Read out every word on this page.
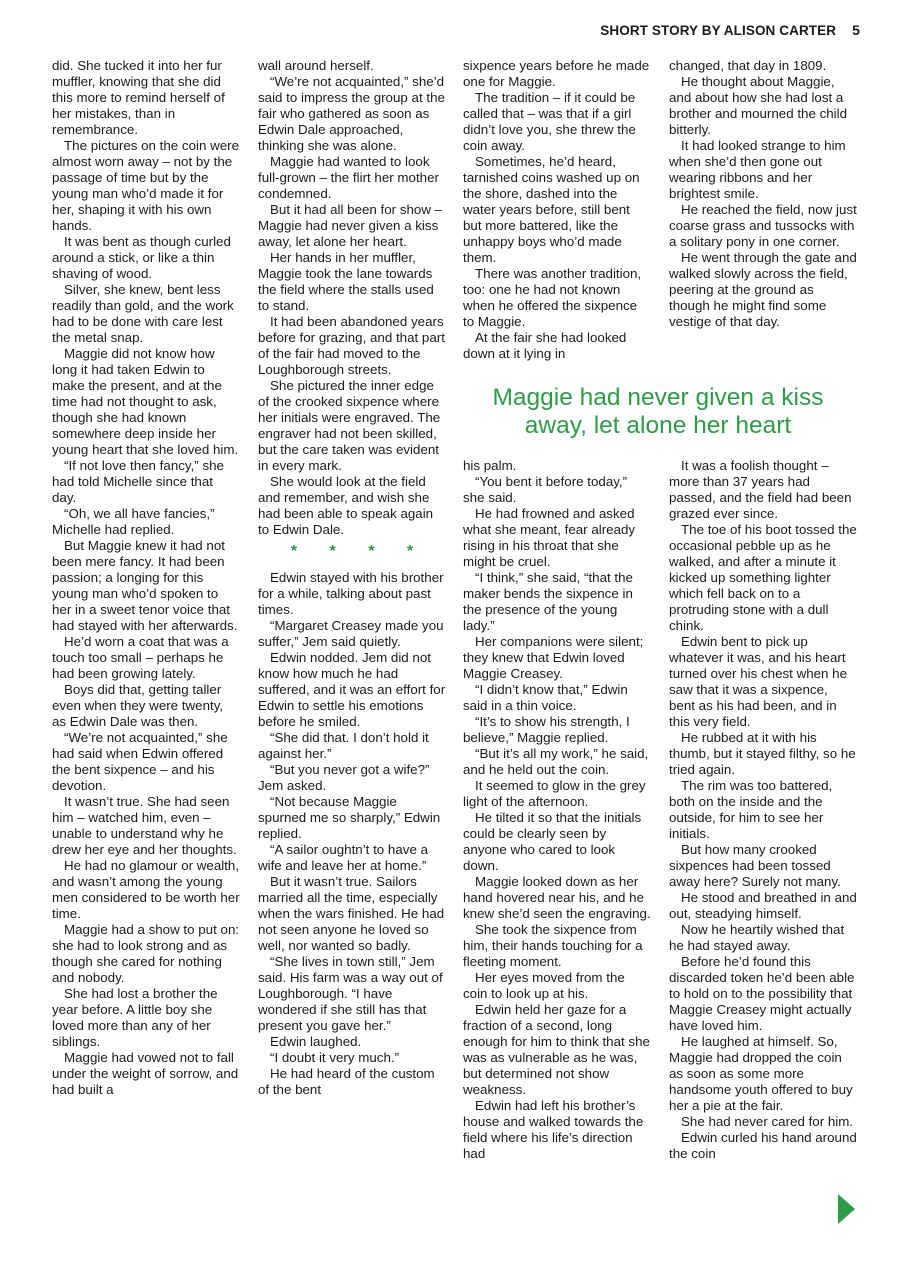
SHORT STORY BY ALISON CARTER 5

did. She tucked it into her fur muffler, knowing that she did this more to remind herself of her mistakes, than in remembrance.

The pictures on the coin were almost worn away – not by the passage of time but by the young man who’d made it for her, shaping it with his own hands.

It was bent as though curled around a stick, or like a thin shaving of wood.

Silver, she knew, bent less readily than gold, and the work had to be done with care lest the metal snap.

Maggie did not know how long it had taken Edwin to make the present, and at the time had not thought to ask, though she had known somewhere deep inside her young heart that she loved him.

“If not love then fancy,” she had told Michelle since that day.

“Oh, we all have fancies,” Michelle had replied.

But Maggie knew it had not been mere fancy. It had been passion; a longing for this young man who’d spoken to her in a sweet tenor voice that had stayed with her afterwards.

He’d worn a coat that was a touch too small – perhaps he had been growing lately.

Boys did that, getting taller even when they were twenty, as Edwin Dale was then.

“We’re not acquainted,” she had said when Edwin offered the bent sixpence – and his devotion.

It wasn’t true. She had seen him – watched him, even – unable to understand why he drew her eye and her thoughts.

He had no glamour or wealth, and wasn’t among the young men considered to be worth her time.

Maggie had a show to put on: she had to look strong and as though she cared for nothing and nobody.

She had lost a brother the year before. A little boy she loved more than any of her siblings.

Maggie had vowed not to fall under the weight of sorrow, and had built a

wall around herself.

“We’re not acquainted,” she’d said to impress the group at the fair who gathered as soon as Edwin Dale approached, thinking she was alone.

Maggie had wanted to look full-grown – the flirt her mother condemned.

But it had all been for show – Maggie had never given a kiss away, let alone her heart.

Her hands in her muffler, Maggie took the lane towards the field where the stalls used to stand.

It had been abandoned years before for grazing, and that part of the fair had moved to the Loughborough streets.

She pictured the inner edge of the crooked sixpence where her initials were engraved. The engraver had not been skilled, but the care taken was evident in every mark.

She would look at the field and remember, and wish she had been able to speak again to Edwin Dale.

* * * *

Edwin stayed with his brother for a while, talking about past times.

“Margaret Creasey made you suffer,” Jem said quietly.

Edwin nodded. Jem did not know how much he had suffered, and it was an effort for Edwin to settle his emotions before he smiled.

“She did that. I don’t hold it against her.”

“But you never got a wife?” Jem asked.

“Not because Maggie spurned me so sharply,” Edwin replied.

“A sailor oughtn’t to have a wife and leave her at home.”

But it wasn’t true. Sailors married all the time, especially when the wars finished. He had not seen anyone he loved so well, nor wanted so badly.

“She lives in town still,” Jem said. His farm was a way out of Loughborough. “I have wondered if she still has that present you gave her.”

Edwin laughed.

“I doubt it very much.”

He had heard of the custom of the bent

sixpence years before he made one for Maggie.

The tradition – if it could be called that – was that if a girl didn’t love you, she threw the coin away.

Sometimes, he’d heard, tarnished coins washed up on the shore, dashed into the water years before, still bent but more battered, like the unhappy boys who’d made them.

There was another tradition, too: one he had not known when he offered the sixpence to Maggie.

At the fair she had looked down at it lying in

changed, that day in 1809.

He thought about Maggie, and about how she had lost a brother and mourned the child bitterly.

It had looked strange to him when she’d then gone out wearing ribbons and her brightest smile.

He reached the field, now just coarse grass and tussocks with a solitary pony in one corner.

He went through the gate and walked slowly across the field, peering at the ground as though he might find some vestige of that day.

Maggie had never given a kiss away, let alone her heart

his palm.

“You bent it before today,” she said.

He had frowned and asked what she meant, fear already rising in his throat that she might be cruel.

“I think,” she said, “that the maker bends the sixpence in the presence of the young lady.”

Her companions were silent; they knew that Edwin loved Maggie Creasey.

“I didn’t know that,” Edwin said in a thin voice.

“It’s to show his strength, I believe,” Maggie replied.

“But it’s all my work,” he said, and he held out the coin.

It seemed to glow in the grey light of the afternoon.

He tilted it so that the initials could be clearly seen by anyone who cared to look down.

Maggie looked down as her hand hovered near his, and he knew she’d seen the engraving.

She took the sixpence from him, their hands touching for a fleeting moment.

Her eyes moved from the coin to look up at his.

Edwin held her gaze for a fraction of a second, long enough for him to think that she was as vulnerable as he was, but determined not show weakness.

Edwin had left his brother’s house and walked towards the field where his life’s direction had

It was a foolish thought – more than 37 years had passed, and the field had been grazed ever since.

The toe of his boot tossed the occasional pebble up as he walked, and after a minute it kicked up something lighter which fell back on to a protruding stone with a dull chink.

Edwin bent to pick up whatever it was, and his heart turned over his chest when he saw that it was a sixpence, bent as his had been, and in this very field.

He rubbed at it with his thumb, but it stayed filthy, so he tried again.

The rim was too battered, both on the inside and the outside, for him to see her initials.

But how many crooked sixpences had been tossed away here? Surely not many.

He stood and breathed in and out, steadying himself.

Now he heartily wished that he had stayed away.

Before he’d found this discarded token he’d been able to hold on to the possibility that Maggie Creasey might actually have loved him.

He laughed at himself. So, Maggie had dropped the coin as soon as some more handsome youth offered to buy her a pie at the fair.

She had never cared for him.

Edwin curled his hand around the coin
